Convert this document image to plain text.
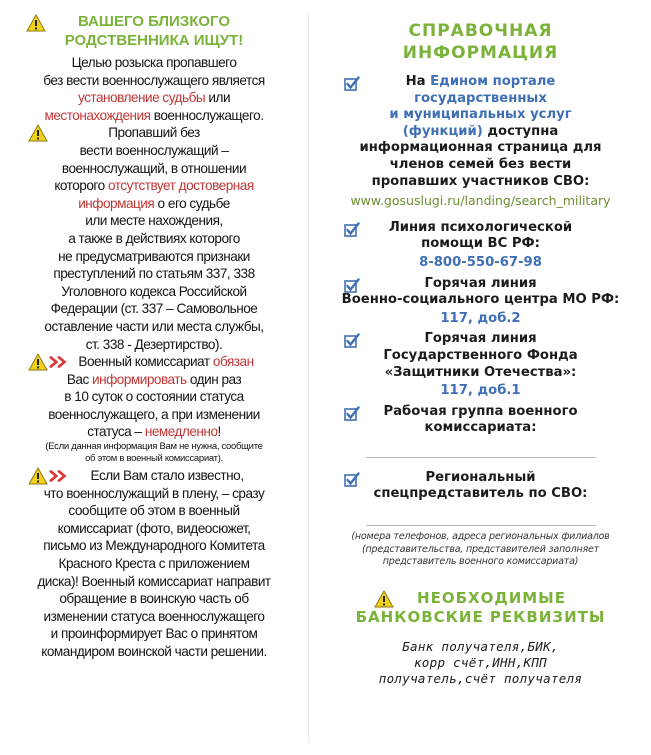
ВАШЕГО БЛИЗКОГО
РОДСТВЕННИКА ИЩУТ!
Целью розыска пропавшего
без вести военнослужащего является
установление судьбы или
местонахождения военнослужащего.
Пропавший без
вести военнослужащий –
военнослужащий, в отношении
которого отсутствует достоверная
информация о его судьбе
или месте нахождения,
а также в действиях которого
не предусматриваются признаки
преступлений по статьям 337, 338
Уголовного кодекса Российской
Федерации (ст. 337 – Самовольное
оставление части или места службы,
ст. 338 - Дезертирство).
Военный комиссариат обязан
Вас информировать один раз
в 10 суток о состоянии статуса
военнослужащего, а при изменении
статуса – немедленно!
(Если данная информация Вам не нужна, сообщите
об этом в военный комиссариат).
Если Вам стало известно,
что военнослужащий в плену, – сразу
сообщите об этом в военный
комиссариат (фото, видеосюжет,
письмо из Международного Комитета
Красного Креста с приложением
диска)! Военный комиссариат направит
обращение в воинскую часть об
изменении статуса военнослужащего
и проинформирует Вас о принятом
командиром воинской части решении.
СПРАВОЧНАЯ
ИНФОРМАЦИЯ
На Едином портале
государственных
и муниципальных услуг
(функций) доступна
информационная страница для
членов семей без вести
пропавших участников СВО:
www.gosuslugi.ru/landing/search_military
Линия психологической
помощи ВС РФ:
8-800-550-67-98
Горячая линия
Военно-социального центра МО РФ:
117, доб.2
Горячая линия
Государственного Фонда
«Защитники Отечества»:
117, доб.1
Рабочая группа военного
комиссариата:
Региональный
спецпредставитель по СВО:
(номера телефонов, адреса региональных филиалов
(представительства, представителей заполняет
представитель военного комиссариата)
НЕОБХОДИМЫЕ
БАНКОВСКИЕ РЕКВИЗИТЫ
Банк получателя,БИК,
корр счёт,ИНН,КПП
получатель,счёт получателя
